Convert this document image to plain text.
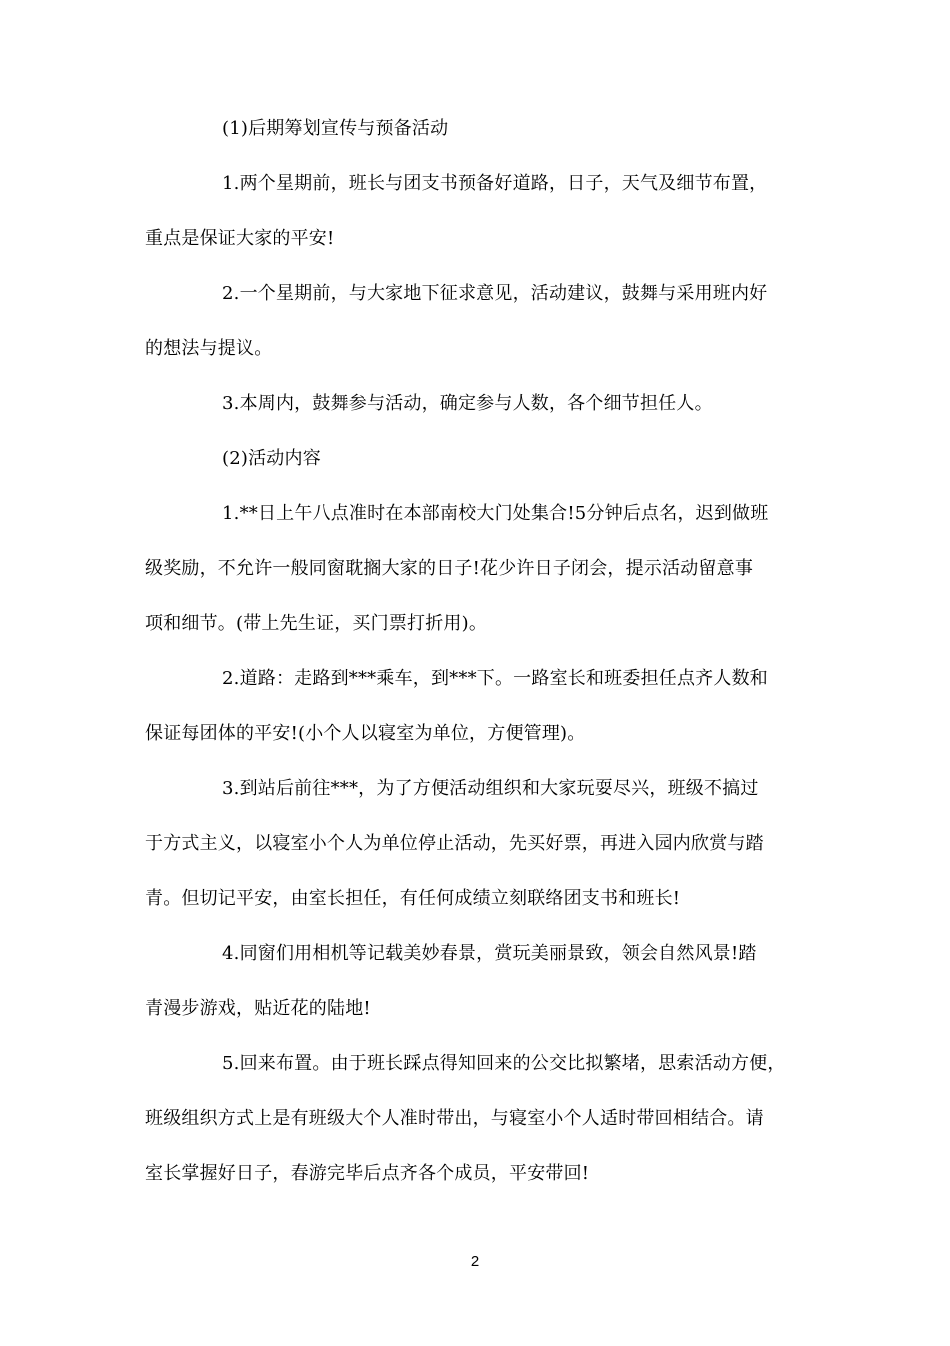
(1)后期筹划宣传与预备活动
1.两个星期前，班长与团支书预备好道路，日子，天气及细节布置，
重点是保证大家的平安!
2.一个星期前，与大家地下征求意见，活动建议，鼓舞与采用班内好
的想法与提议。
3.本周内，鼓舞参与活动，确定参与人数，各个细节担任人。
(2)活动内容
1.**日上午八点准时在本部南校大门处集合!5分钟后点名，迟到做班
级奖励，不允许一般同窗耽搁大家的日子!花少许日子闭会，提示活动留意事
项和细节。(带上先生证，买门票打折用)。
2.道路：走路到***乘车，到***下。一路室长和班委担任点齐人数和
保证每团体的平安!(小个人以寝室为单位，方便管理)。
3.到站后前往***，为了方便活动组织和大家玩耍尽兴，班级不搞过
于方式主义，以寝室小个人为单位停止活动，先买好票，再进入园内欣赏与踏
青。但切记平安，由室长担任，有任何成绩立刻联络团支书和班长!
4.同窗们用相机等记载美妙春景，赏玩美丽景致，领会自然风景!踏
青漫步游戏，贴近花的陆地!
5.回来布置。由于班长踩点得知回来的公交比拟繁堵，思索活动方便，
班级组织方式上是有班级大个人准时带出，与寝室小个人适时带回相结合。请
室长掌握好日子，春游完毕后点齐各个成员，平安带回!
2
